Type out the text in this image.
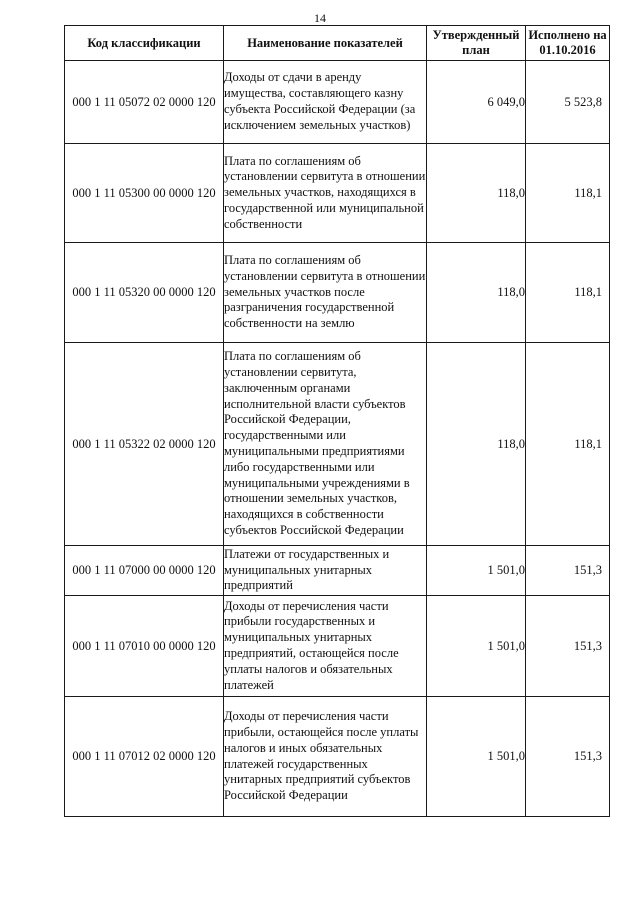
14
Код классификации	Наименование показателей	Утвержденный план	Исполнено на 01.10.2016
000 1 11 05072 02 0000 120	Доходы от сдачи в аренду имущества, составляющего казну субъекта Российской Федерации (за исключением земельных участков)	6 049,0	5 523,8
000 1 11 05300 00 0000 120	Плата по соглашениям об установлении сервитута в отношении земельных участков, находящихся в государственной или муниципальной собственности	118,0	118,1
000 1 11 05320 00 0000 120	Плата по соглашениям об установлении сервитута в отношении земельных участков после разграничения государственной собственности на землю	118,0	118,1
000 1 11 05322 02 0000 120	Плата по соглашениям об установлении сервитута, заключенным органами исполнительной власти субъектов Российской Федерации, государственными или муниципальными предприятиями либо государственными или муниципальными учреждениями в отношении земельных участков, находящихся в собственности субъектов Российской Федерации	118,0	118,1
000 1 11 07000 00 0000 120	Платежи от государственных и муниципальных унитарных предприятий	1 501,0	151,3
000 1 11 07010 00 0000 120	Доходы от перечисления части прибыли государственных и муниципальных унитарных предприятий, остающейся после уплаты налогов и обязательных платежей	1 501,0	151,3
000 1 11 07012 02 0000 120	Доходы от перечисления части прибыли, остающейся после уплаты налогов и иных обязательных платежей государственных унитарных предприятий субъектов Российской Федерации	1 501,0	151,3
